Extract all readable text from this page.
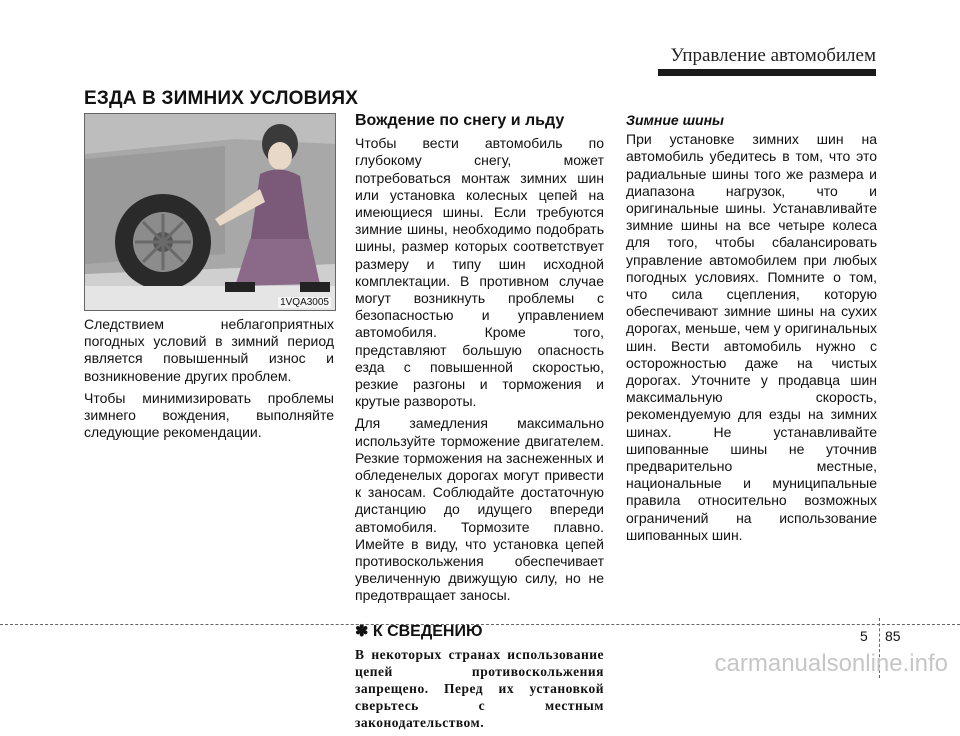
Управление автомобилем
ЕЗДА В ЗИМНИХ УСЛОВИЯХ
1VQA3005

Следствием неблагоприятных погодных условий в зимний период является повышенный износ и возникновение других проблем.

Чтобы минимизировать проблемы зимнего вождения, выполняйте следующие рекомендации.

Вождение по снегу и льду

Чтобы вести автомобиль по глубокому снегу, может потребоваться монтаж зимних шин или установка колесных цепей на имеющиеся шины. Если требуются зимние шины, необходимо подобрать шины, размер которых соответствует размеру и типу шин исходной комплектации. В противном случае могут возникнуть проблемы с безопасностью и управлением автомобиля. Кроме того, представляют большую опасность езда с повышенной скоростью, резкие разгоны и торможения и крутые развороты.

Для замедления максимально используйте торможение двигателем. Резкие торможения на заснеженных и обледенелых дорогах могут привести к заносам. Соблюдайте достаточную дистанцию до идущего впереди автомобиля. Тормозите плавно. Имейте в виду, что установка цепей противоскольжения обеспечивает увеличенную движущую силу, но не предотвращает заносы.

✽ К СВЕДЕНИЮ

В некоторых странах использование цепей противоскольжения запрещено. Перед их установкой сверьтесь с местным законодательством.

Зимние шины

При установке зимних шин на автомобиль убедитесь в том, что это радиальные шины того же размера и диапазона нагрузок, что и оригинальные шины. Устанавливайте зимние шины на все четыре колеса для того, чтобы сбалансировать управление автомобилем при любых погодных условиях. Помните о том, что сила сцепления, которую обеспечивают зимние шины на сухих дорогах, меньше, чем у оригинальных шин. Вести автомобиль нужно с осторожностью даже на чистых дорогах. Уточните у продавца шин максимальную скорость, рекомендуемую для езды на зимних шинах. Не устанавливайте шипованные шины не уточнив предварительно местные, национальные и муниципальные правила относительно возможных ограничений на использование шипованных шин.

5 85
carmanualsonline.info
